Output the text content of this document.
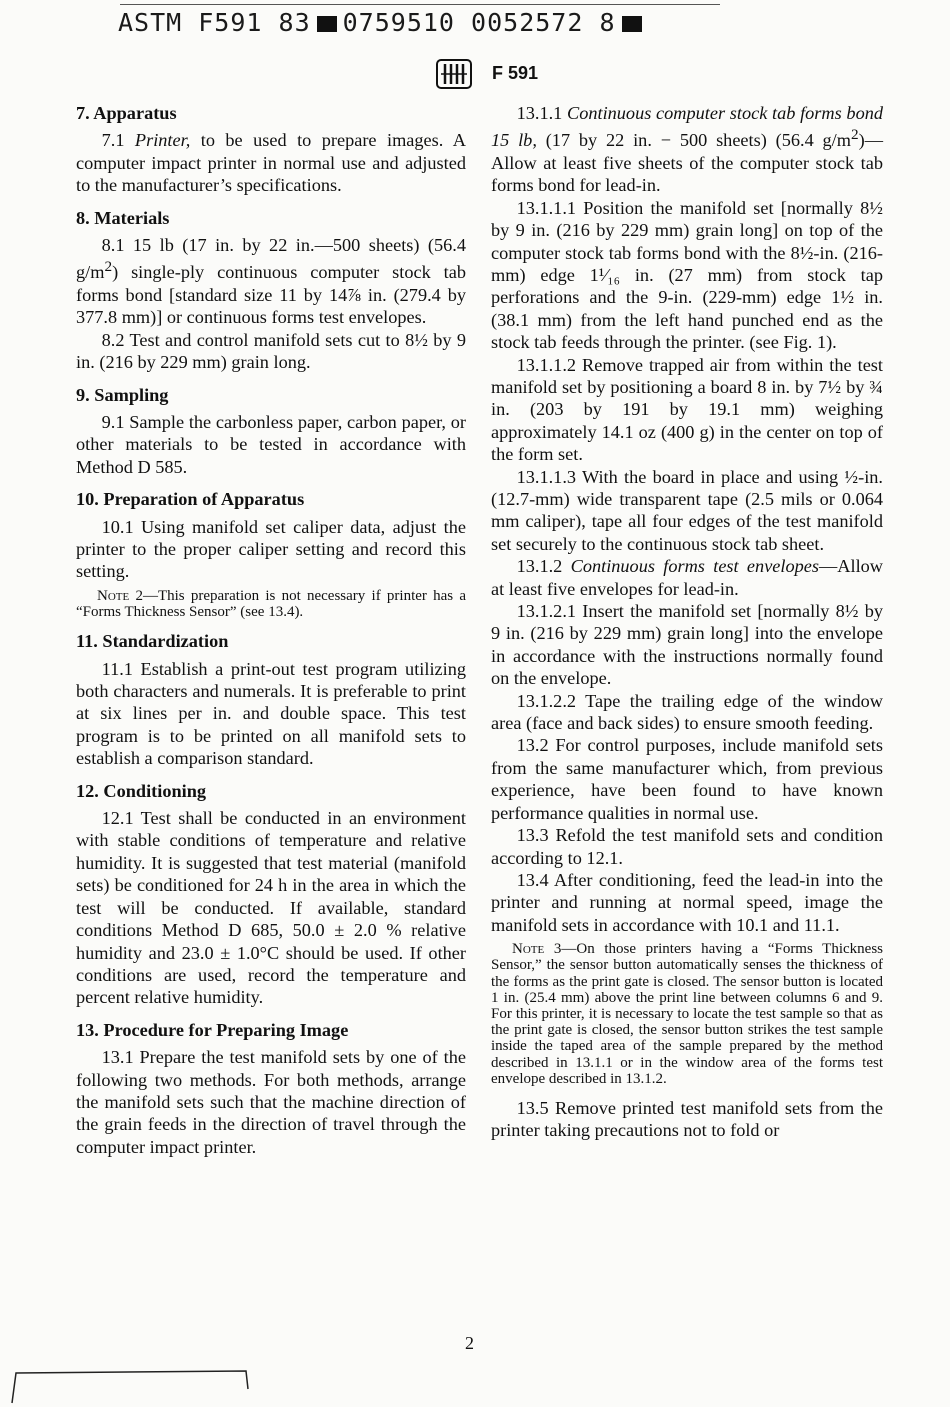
ASTM F591 83 0759510 0052572 8
F 591

7. Apparatus

7.1 Printer, to be used to prepare images. A computer impact printer in normal use and adjusted to the manufacturer’s specifications.

8. Materials

8.1 15 lb (17 in. by 22 in.—500 sheets) (56.4 $g/m^2$) single-ply continuous computer stock tab forms bond [standard size 11 by 14⅞ in. (279.4 by 377.8 mm)] or continuous forms test envelopes.

8.2 Test and control manifold sets cut to 8½ by 9 in. (216 by 229 mm) grain long.

9. Sampling

9.1 Sample the carbonless paper, carbon paper, or other materials to be tested in accordance with Method D 585.

10. Preparation of Apparatus

10.1 Using manifold set caliper data, adjust the printer to the proper caliper setting and record this setting.

Note 2—This preparation is not necessary if printer has a “Forms Thickness Sensor” (see 13.4).

11. Standardization

11.1 Establish a print-out test program utilizing both characters and numerals. It is preferable to print at six lines per in. and double space. This test program is to be printed on all manifold sets to establish a comparison standard.

12. Conditioning

12.1 Test shall be conducted in an environment with stable conditions of temperature and relative humidity. It is suggested that test material (manifold sets) be conditioned for 24 h in the area in which the test will be conducted. If available, standard conditions Method D 685, 50.0 ± 2.0 % relative humidity and 23.0 ± 1.0°C should be used. If other conditions are used, record the temperature and percent relative humidity.

13. Procedure for Preparing Image

13.1 Prepare the test manifold sets by one of the following two methods. For both methods, arrange the manifold sets such that the machine direction of the grain feeds in the direction of travel through the computer impact printer.

13.1.1 Continuous computer stock tab forms bond 15 lb, (17 by 22 in. − 500 sheets) (56.4 $g/m^2)—Allow$ at least five sheets of the computer stock tab forms bond for lead-in.

13.1.1.1 Position the manifold set [normally 8½ by 9 in. (216 by 229 mm) grain long] on top of the computer stock tab forms bond with the 8½-in. (216-mm) edge 1¹⁄₁₆ in. (27 mm) from stock tap perforations and the 9-in. (229-mm) edge 1½ in. (38.1 mm) from the left hand punched end as the stock tab feeds through the printer. (see Fig. 1).

13.1.1.2 Remove trapped air from within the test manifold set by positioning a board 8 in. by 7½ by ¾ in. (203 by 191 by 19.1 mm) weighing approximately 14.1 oz (400 g) in the center on top of the form set.

13.1.1.3 With the board in place and using ½-in. (12.7-mm) wide transparent tape (2.5 mils or 0.064 mm caliper), tape all four edges of the test manifold set securely to the continuous stock tab sheet.

13.1.2 Continuous forms test envelopes—Allow at least five envelopes for lead-in.

13.1.2.1 Insert the manifold set [normally 8½ by 9 in. (216 by 229 mm) grain long] into the envelope in accordance with the instructions normally found on the envelope.

13.1.2.2 Tape the trailing edge of the window area (face and back sides) to ensure smooth feeding.

13.2 For control purposes, include manifold sets from the same manufacturer which, from previous experience, have been found to have known performance qualities in normal use.

13.3 Refold the test manifold sets and condition according to 12.1.

13.4 After conditioning, feed the lead-in into the printer and running at normal speed, image the manifold sets in accordance with 10.1 and 11.1.

Note 3—On those printers having a “Forms Thickness Sensor,” the sensor button automatically senses the thickness of the forms as the print gate is closed. The sensor button is located 1 in. (25.4 mm) above the print line between columns 6 and 9. For this printer, it is necessary to locate the test sample so that as the print gate is closed, the sensor button strikes the test sample inside the taped area of the sample prepared by the method described in 13.1.1 or in the window area of the forms test envelope described in 13.1.2.

13.5 Remove printed test manifold sets from the printer taking precautions not to fold or

2
